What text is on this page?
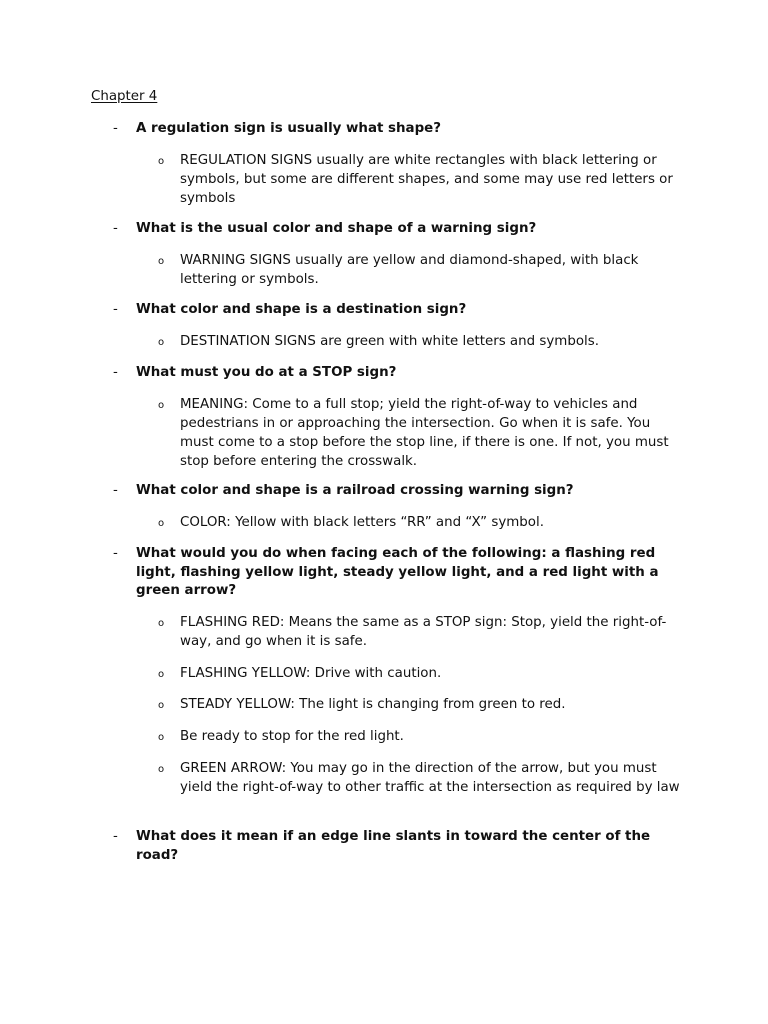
Chapter 4
- A regulation sign is usually what shape?
o REGULATION SIGNS usually are white rectangles with black lettering or symbols, but some are different shapes, and some may use red letters or symbols
- What is the usual color and shape of a warning sign?
o WARNING SIGNS usually are yellow and diamond-shaped, with black lettering or symbols.
- What color and shape is a destination sign?
o DESTINATION SIGNS are green with white letters and symbols.
- What must you do at a STOP sign?
o MEANING: Come to a full stop; yield the right-of-way to vehicles and pedestrians in or approaching the intersection. Go when it is safe. You must come to a stop before the stop line, if there is one. If not, you must stop before entering the crosswalk.
- What color and shape is a railroad crossing warning sign?
o COLOR: Yellow with black letters “RR” and “X” symbol.
- What would you do when facing each of the following: a flashing red light, flashing yellow light, steady yellow light, and a red light with a green arrow?
o FLASHING RED: Means the same as a STOP sign: Stop, yield the right-of-way, and go when it is safe.
o FLASHING YELLOW: Drive with caution.
o STEADY YELLOW: The light is changing from green to red.
o Be ready to stop for the red light.
o GREEN ARROW: You may go in the direction of the arrow, but you must yield the right-of-way to other traffic at the intersection as required by law
- What does it mean if an edge line slants in toward the center of the road?
